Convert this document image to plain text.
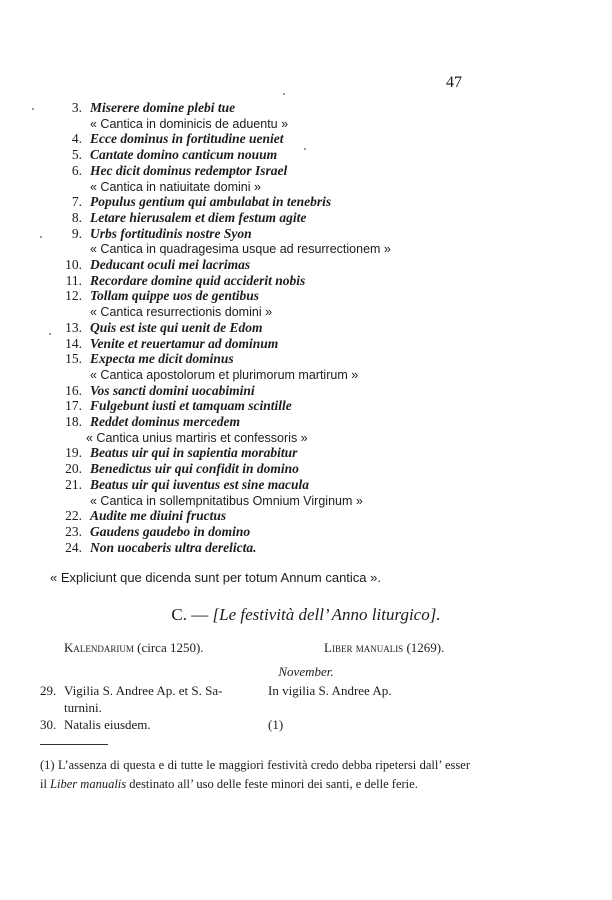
47
3. Miserere domine plebi tue
« Cantica in dominicis de aduentu »
4. Ecce dominus in fortitudine ueniet
5. Cantate domino canticum nouum
6. Hec dicit dominus redemptor Israel
« Cantica in natiuitate domini »
7. Populus gentium qui ambulabat in tenebris
8. Letare hierusalem et diem festum agite
9. Urbs fortitudinis nostre Syon
« Cantica in quadragesima usque ad resurrectionem »
10. Deducant oculi mei lacrimas
11. Recordare domine quid acciderit nobis
12. Tollam quippe uos de gentibus
« Cantica resurrectionis domini »
13. Quis est iste qui uenit de Edom
14. Venite et reuertamur ad dominum
15. Expecta me dicit dominus
« Cantica apostolorum et plurimorum martirum »
16. Vos sancti domini uocabimini
17. Fulgebunt iusti et tamquam scintille
18. Reddet dominus mercedem
« Cantica unius martiris et confessoris »
19. Beatus uir qui in sapientia morabitur
20. Benedictus uir qui confidit in domino
21. Beatus uir qui iuventus est sine macula
« Cantica in sollempnitatibus Omnium Virginum »
22. Audite me diuini fructus
23. Gaudens gaudebo in domino
24. Non uocaberis ultra derelicta.
« Expliciunt que dicenda sunt per totum Annum cantica ».
C. — [Le festività dell’ Anno liturgico].
Kalendarium (circa 1250).	Liber manualis (1269).
November.
29. Vigilia S. Andree Ap. et S. Sa-
turnini.
In vigilia S. Andree Ap.
30. Natalis eiusdem.	(1)
(1) L’assenza di questa e di tutte le maggiori festività credo debba ripetersi dall’ esser il Liber manualis destinato all’ uso delle feste minori dei santi, e delle ferie.
